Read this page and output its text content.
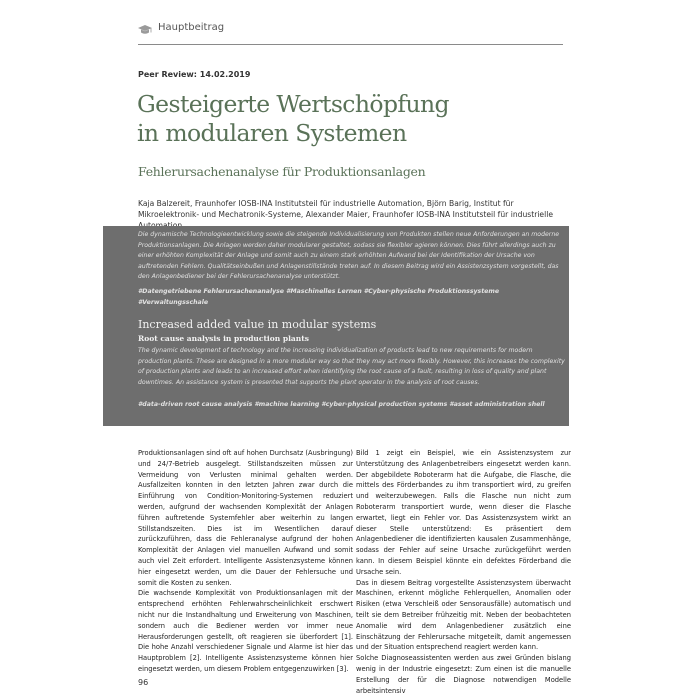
Hauptbeitrag
Peer Review: 14.02.2019
Gesteigerte Wertschöpfung
in modularen Systemen
Fehlerursachenanalyse für Produktionsanlagen
Kaja Balzereit, Fraunhofer IOSB-INA Institutsteil für industrielle Automation, Björn Barig, Institut für Mikroelektronik- und Mechatronik-Systeme, Alexander Maier, Fraunhofer IOSB-INA Institutsteil für industrielle
Die dynamische Technologieentwicklung sowie die steigende Individualisierung von Produkten stellen neue Anforderungen an moderne Produktionsanlagen. Die Anlagen werden daher modularer gestaltet, sodass sie flexibler agieren können. Dies führt allerdings auch zu einer erhöhten Komplexität der Anlage und somit auch zu einem stark erhöhten Aufwand bei der Identifikation der Ursache von auftretenden Fehlern. Qualitätseinbußen und Anlagenstillstände treten auf. In diesem Beitrag wird ein Assistenzsystem vorgestellt, das den Anlagenbediener bei der Fehlerursachenanalyse unterstützt.
#Datengetriebene Fehlerursachenanalyse #Maschinelles Lernen #Cyber-physische Produktionssysteme #Verwaltungsschale
Increased added value in modular systems
Root cause analysis in production plants
The dynamic development of technology and the increasing individualization of products lead to new requirements for modern production plants. These are designed in a more modular way so that they may act more flexibly. However, this increases the complexity of production plants and leads to an increased effort when identifying the root cause of a fault, resulting in loss of quality and plant downtimes. An assistance system is presented that supports the plant operator in the analysis of root causes.
#data-driven root cause analysis #machine learning #cyber-physical production systems #asset administration shell

Produktionsanlagen sind oft auf hohen Durchsatz (Ausbringung) und 24/7-Betrieb ausgelegt. Stillstandszeiten müssen zur Vermeidung von Verlusten minimal gehalten werden. Ausfallzeiten konnten in den letzten Jahren zwar durch die Einführung von Condition-Monitoring-Systemen reduziert werden, aufgrund der wachsenden Komplexität der Anlagen führen auftretende Systemfehler aber weiterhin zu langen Stillstandszeiten. Dies ist im Wesentlichen darauf zurückzuführen, dass die Fehleranalyse aufgrund der hohen Komplexität der Anlagen viel manuellen Aufwand und somit auch viel Zeit erfordert. Intelligente Assistenzsysteme können hier eingesetzt werden, um die Dauer der Fehlersuche und somit die Kosten zu senken.

Die wachsende Komplexität von Produktionsanlagen mit der entsprechend erhöhten Fehlerwahrscheinlichkeit erschwert nicht nur die Instandhaltung und Erweiterung von Maschinen, sondern auch die Bediener werden vor immer neue Herausforderungen gestellt, oft reagieren sie überfordert [1]. Die hohe Anzahl verschiedener Signale und Alarme ist hier das Hauptproblem [2]. Intelligente Assistenzsysteme können hier eingesetzt werden, um diesem Problem entgegenzuwirken [3].

Bild 1 zeigt ein Beispiel, wie ein Assistenzsystem zur Unterstützung des Anlagenbetreibers eingesetzt werden kann. Der abgebildete Roboterarm hat die Aufgabe, die Flasche, die mittels des Förderbandes zu ihm transportiert wird, zu greifen und weiterzubewegen. Falls die Flasche nun nicht zum Roboterarm transportiert wurde, wenn dieser die Flasche erwartet, liegt ein Fehler vor. Das Assistenzsystem wirkt an dieser Stelle unterstützend: Es präsentiert dem Anlagenbediener die identifizierten kausalen Zusammenhänge, sodass der Fehler auf seine Ursache zurückgeführt werden kann. In diesem Beispiel könnte ein defektes Förderband die Ursache sein.

Das in diesem Beitrag vorgestellte Assistenzsystem überwacht Maschinen, erkennt mögliche Fehlerquellen, Anomalien oder Risiken (etwa Verschleiß oder Sensorausfälle) automatisch und teilt sie dem Betreiber frühzeitig mit. Neben der beobachteten Anomalie wird dem Anlagenbediener zusätzlich eine Einschätzung der Fehlerursache mitgeteilt, damit angemessen und der Situation entsprechend reagiert werden kann.

Solche Diagnoseassistenten werden aus zwei Gründen bislang wenig in der Industrie eingesetzt: Zum einen ist die manuelle Erstellung der für die Diagnose notwendigen Modelle arbeitsintensiv

96
